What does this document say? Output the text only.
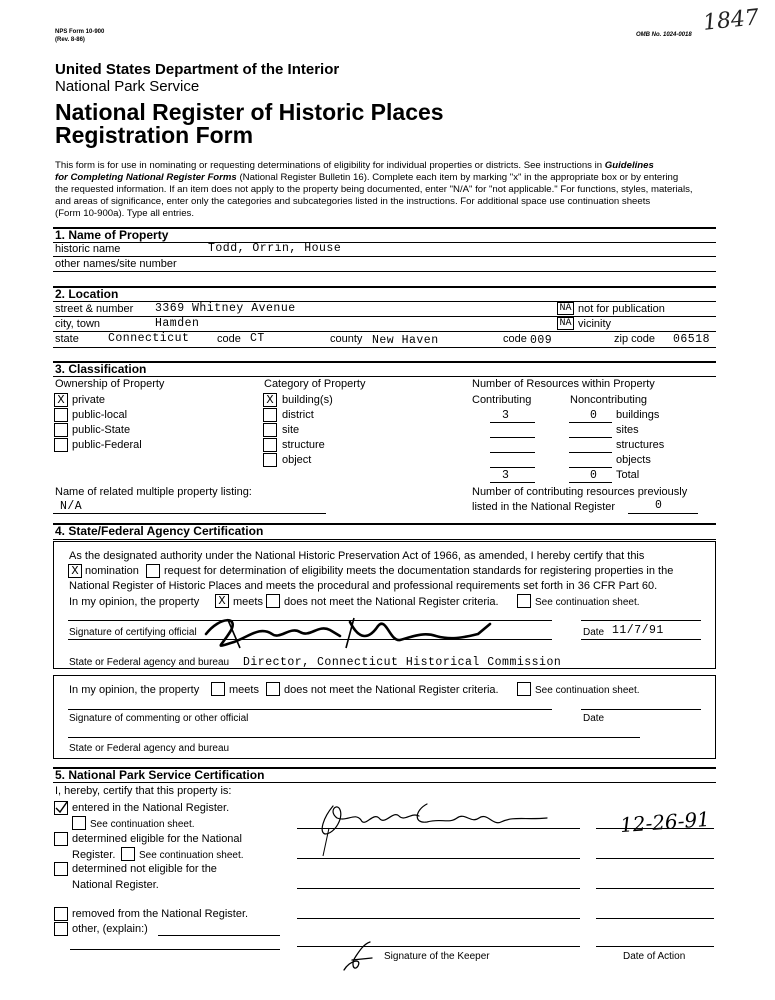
NPS Form 10-900
(Rev. 8-86)
OMB No. 1024-0018 1847
United States Department of the Interior
National Park Service
National Register of Historic Places
Registration Form
This form is for use in nominating or requesting determinations of eligibility for individual properties or districts. See instructions in Guidelines
for Completing National Register Forms (National Register Bulletin 16). Complete each item by marking "x" in the appropriate box or by entering
the requested information. If an item does not apply to the property being documented, enter "N/A" for "not applicable." For functions, styles, materials,
and areas of significance, enter only the categories and subcategories listed in the instructions. For additional space use continuation sheets
(Form 10-900a). Type all entries.
1. Name of Property
historic name	Todd, Orrin, House
other names/site number
2. Location
street & number 3369 Whitney Avenue	NA not for publication
city, town	Hamden	NA vicinity
state	Connecticut	code CT	county New Haven	code 009	zip code 06518
3. Classification
Ownership of Property
X private
public-local
public-State
public-Federal
Category of Property
X building(s)
district
site
structure
object
Number of Resources within Property
Contributing	Noncontributing
3	0 buildings
sites
structures
objects
3	0 Total
Name of related multiple property listing:
N/A
Number of contributing resources previously
listed in the National Register	0
4. State/Federal Agency Certification
As the designated authority under the National Historic Preservation Act of 1966, as amended, I hereby certify that this
X nomination request for determination of eligibility meets the documentation standards for registering properties in the
National Register of Historic Places and meets the procedural and professional requirements set forth in 36 CFR Part 60.
In my opinion, the property X meets does not meet the National Register criteria.	See continuation sheet.
Signature of certifying official	Date 11/7/91
State or Federal agency and bureau Director, Connecticut Historical Commission
In my opinion, the property	meets does not meet the National Register criteria.	See continuation sheet.
Signature of commenting or other official	Date
State or Federal agency and bureau
5. National Park Service Certification
I, hereby, certify that this property is:
entered in the National Register.
See continuation sheet.
determined eligible for the National
Register. See continuation sheet.
determined not eligible for the
National Register.
removed from the National Register.
other, (explain:)
12-26-91
Signature of the Keeper	Date of Action
